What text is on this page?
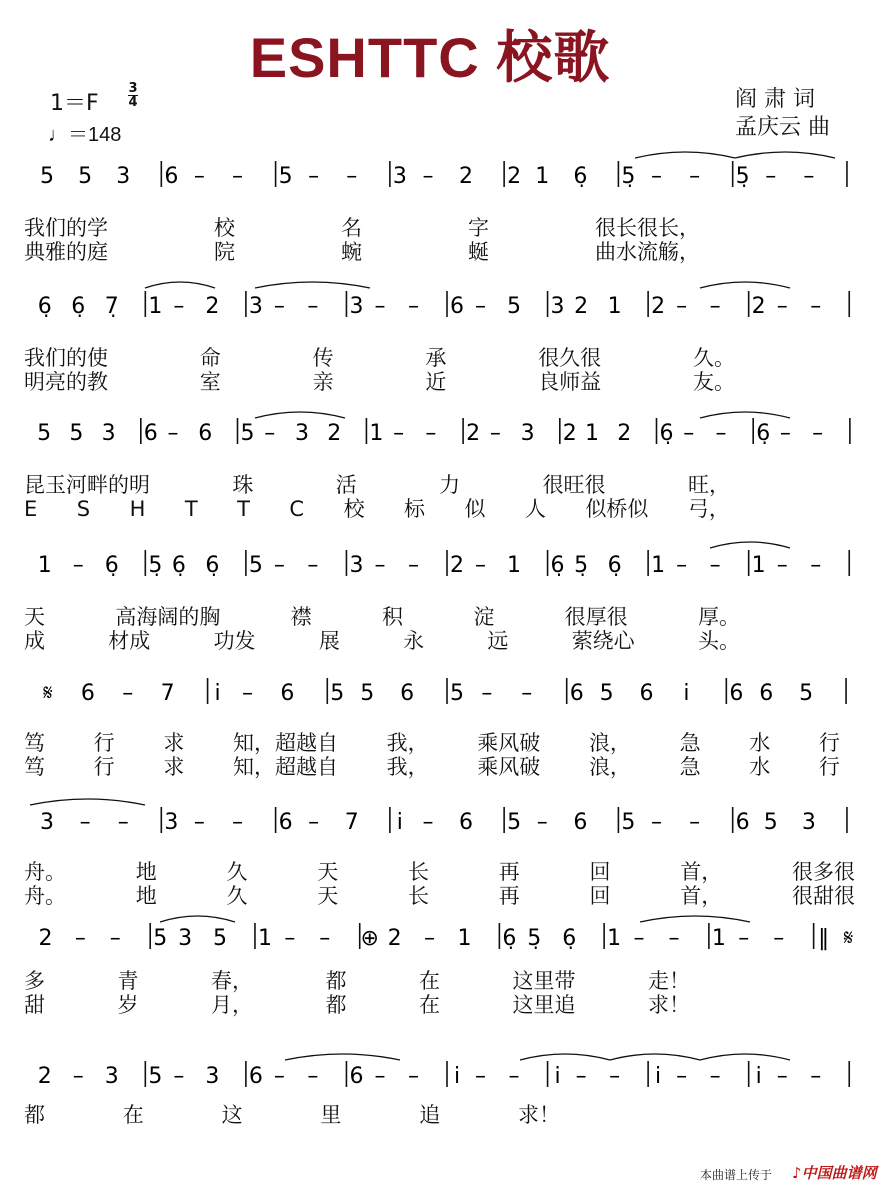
ESHTTC 校歌
1＝F
3
4
♩＝148
阎 肃 词
孟庆云 曲
5 5 3 6 – – 5 – – 3 – 2 2 1 6̣ 5̣ – – 5̣ – –
6̣ 6̣ 7̣ 1 – 2 3 – – 3 – – 6 – 5 3 2 1 2 – – 2 – –
5 5 3 6 – 6 5 – 3 2 1 – – 2 – 3 2 1 2 6̣ – – 6̣ – –
1 – 6̣ 5̣ 6̣ 6̣ 5 – – 3 – – 2 – 1 6̣ 5̣ 6̣ 1 – – 1 – –
𝄋 6 – 7 i – 6 5 5 6 5 – – 6 5 6 i 6 6 5
3 – – 3 – – 6 – 7 i – 6 5 – 6 5 – – 6 5 3
2 – – 5 3 5 1 – – ⊕ 2 – 1 6̣ 5̣ 6̣ 1 – – 1 – – ‖ 𝄋
2 – 3 5 – 3 6 – – 6 – – i – – i – – i – – i – –
我们的学	校	名	字	很长很长，
典雅的庭	院	蜿	蜒	曲水流觞，
我们的使	命	传	承	很久很	久。
明亮的教	室	亲	近	良师益	友。
昆玉河畔的明	珠	活	力	很旺很	旺，
E S H T T C 校 标 似 人 似桥似 弓，
天	高海阔的胸	襟	积	淀	很厚很	厚。
成	材成	功发	展	永	远	萦绕心	头。
笃 行 求 知，超越自 我， 乘风破 浪， 急 水 行
笃 行 求 知，超越自 我， 乘风破 浪， 急 水 行
舟。	地	久	天	长	再	回	首，	很多很
舟。	地	久	天	长	再	回	首，	很甜很
多	青	春，	都	在	这里带	走！
甜	岁	月，	都	在	这里追	求！
都	在	这	里	追	求！
本曲谱上传于 ♪中国曲谱网
